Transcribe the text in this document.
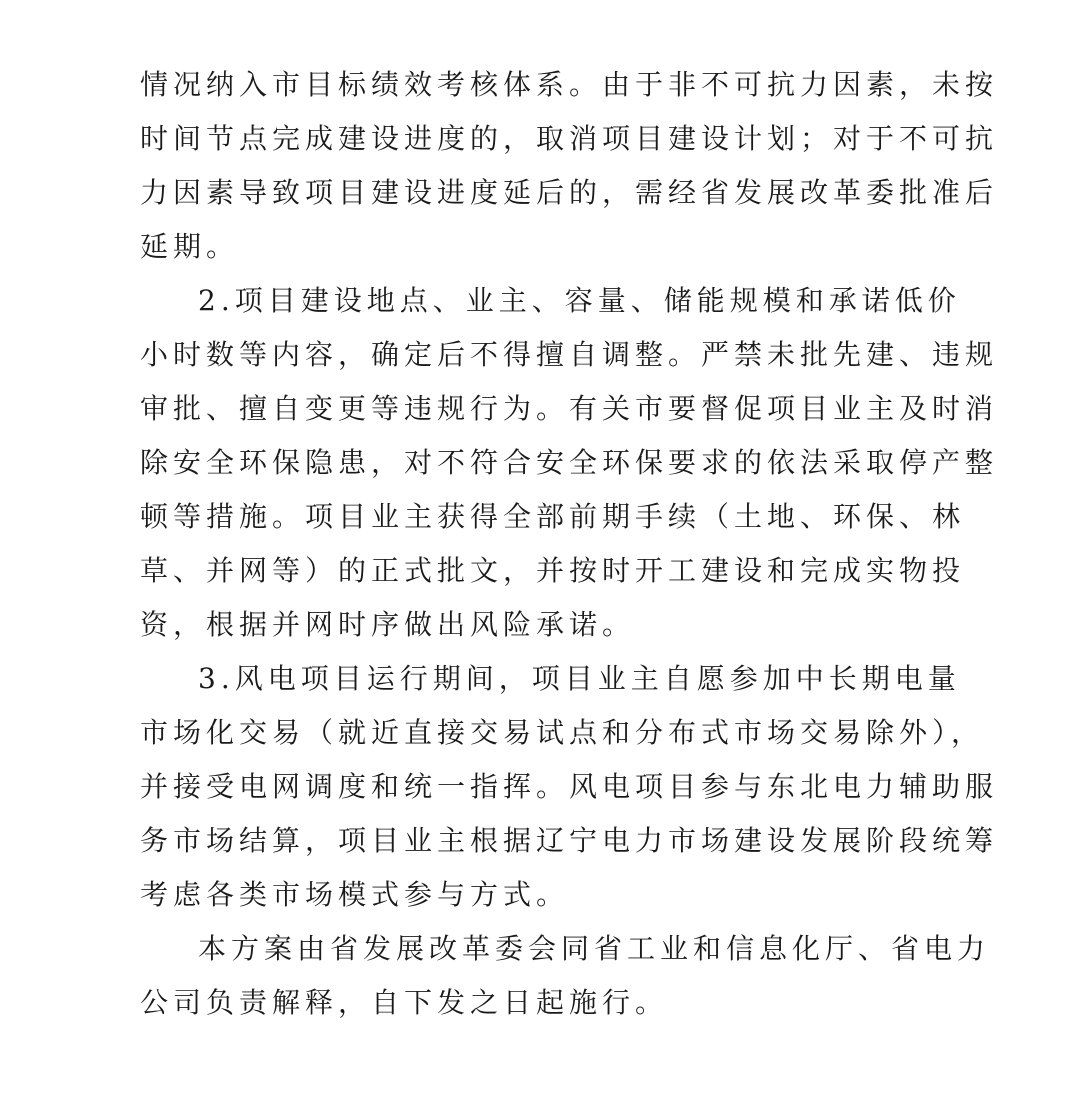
情况纳入市目标绩效考核体系。由于非不可抗力因素，未按
时间节点完成建设进度的，取消项目建设计划；对于不可抗
力因素导致项目建设进度延后的，需经省发展改革委批准后
延期。
2.项目建设地点、业主、容量、储能规模和承诺低价
小时数等内容，确定后不得擅自调整。严禁未批先建、违规
审批、擅自变更等违规行为。有关市要督促项目业主及时消
除安全环保隐患，对不符合安全环保要求的依法采取停产整
顿等措施。项目业主获得全部前期手续（土地、环保、林
草、并网等）的正式批文，并按时开工建设和完成实物投
资，根据并网时序做出风险承诺。
3.风电项目运行期间，项目业主自愿参加中长期电量
市场化交易（就近直接交易试点和分布式市场交易除外），
并接受电网调度和统一指挥。风电项目参与东北电力辅助服
务市场结算，项目业主根据辽宁电力市场建设发展阶段统筹
考虑各类市场模式参与方式。
本方案由省发展改革委会同省工业和信息化厅、省电力
公司负责解释，自下发之日起施行。
